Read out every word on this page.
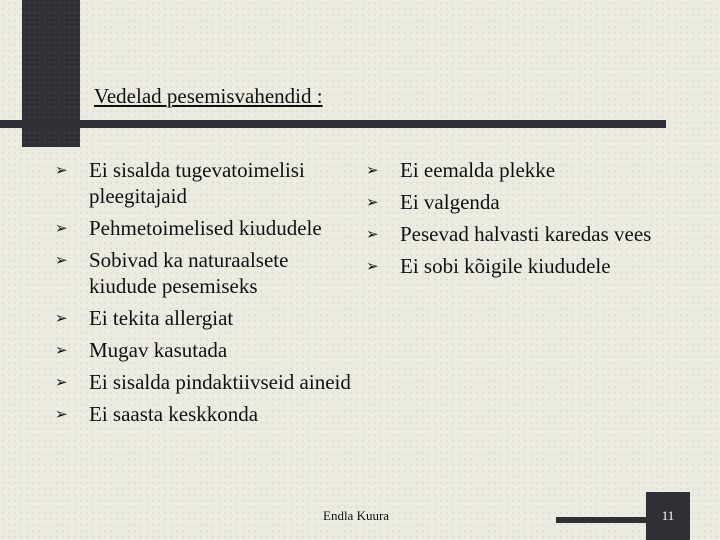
Vedelad pesemisvahendid :
➢ Ei sisalda tugevatoimelisi pleegitajaid
➢ Pehmetoimelised kiududele
➢ Sobivad ka naturaalsete kiudude pesemiseks
➢ Ei tekita allergiat
➢ Mugav kasutada
➢ Ei sisalda pindaktiivseid aineid
➢ Ei saasta keskkonda
➢ Ei eemalda plekke
➢ Ei valgenda
➢ Pesevad halvasti karedas vees
➢ Ei sobi kõigile kiududele
Endla Kuura	11
